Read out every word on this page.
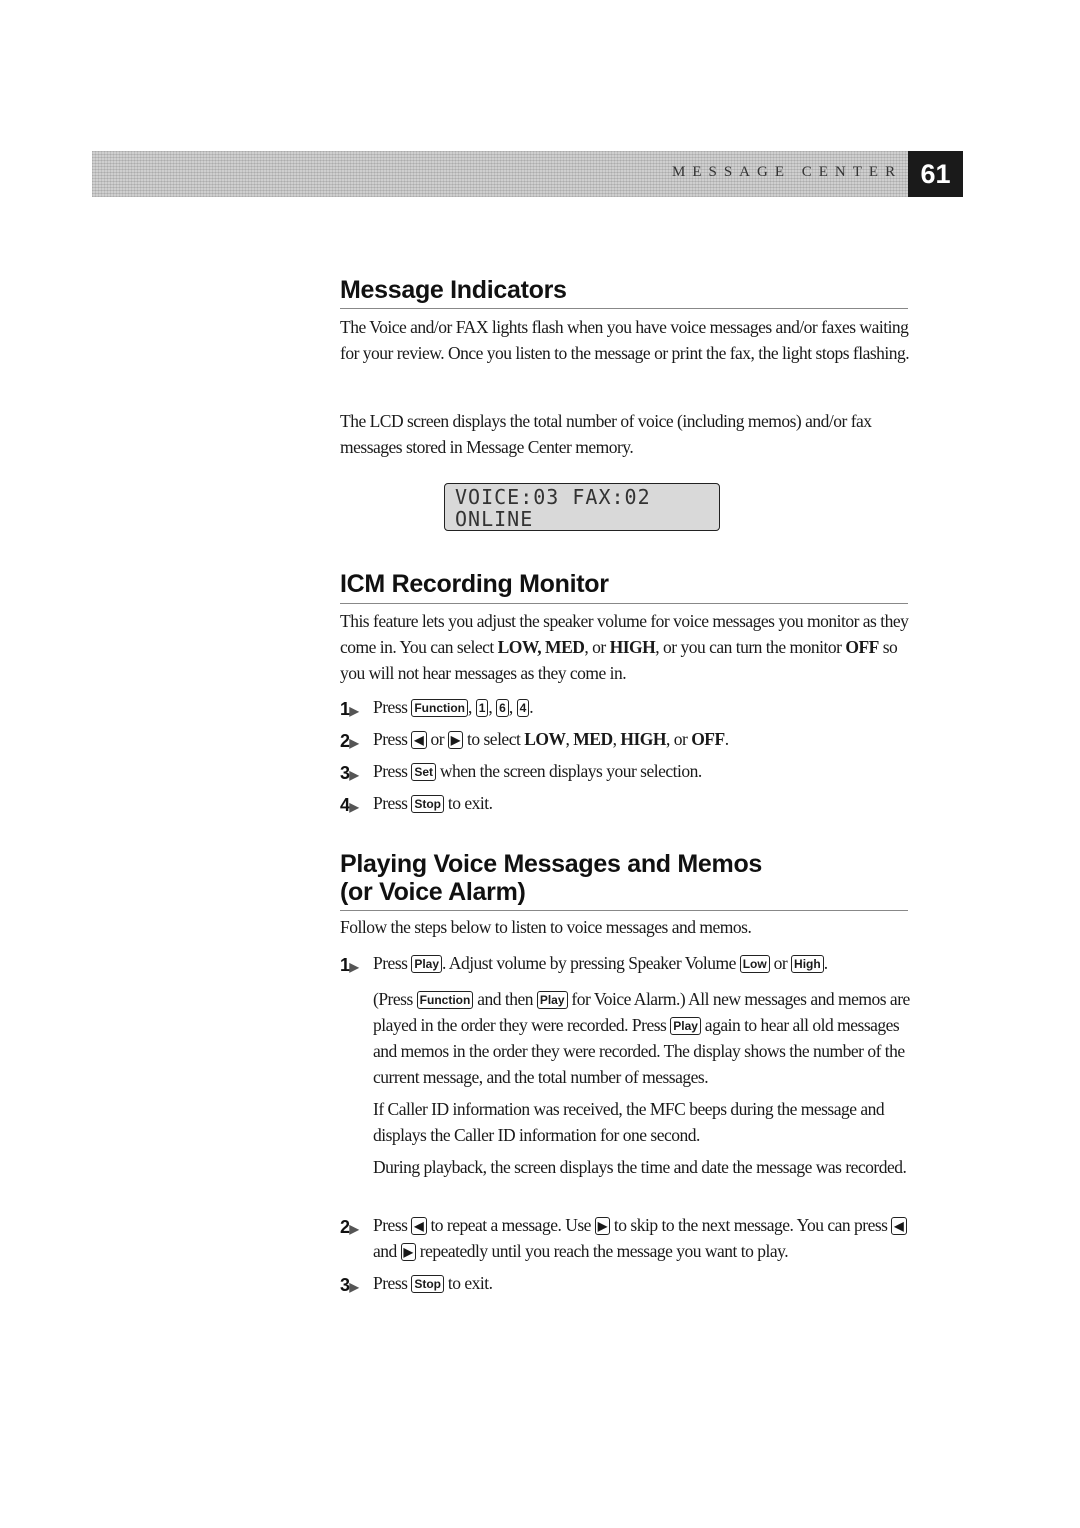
MESSAGE CENTER 61
Message Indicators

The Voice and/or FAX lights flash when you have voice messages and/or faxes waiting for your review. Once you listen to the message or print the fax, the light stops flashing.

The LCD screen displays the total number of voice (including memos) and/or fax messages stored in Message Center memory.

VOICE:03 FAX:02
ONLINE
ICM Recording Monitor

This feature lets you adjust the speaker volume for voice messages you monitor as they come in. You can select LOW, MED, or HIGH, or you can turn the monitor OFF so you will not hear messages as they come in.

1▶ Press Function , 1 , 6 , 4 .
2▶ Press ◀ or ▶ to select LOW, MED, HIGH, or OFF.
3▶ Press Set when the screen displays your selection.
4▶ Press Stop to exit.
Playing Voice Messages and Memos
(or Voice Alarm)

Follow the steps below to listen to voice messages and memos.

1▶ Press Play . Adjust volume by pressing Speaker Volume Low or High .

(Press Function and then Play for Voice Alarm.) All new messages and memos are played in the order they were recorded. Press Play again to hear all old messages and memos in the order they were recorded. The display shows the number of the current message, and the total number of messages.

If Caller ID information was received, the MFC beeps during the message and displays the Caller ID information for one second.

During playback, the screen displays the time and date the message was recorded.

2▶ Press ◀ to repeat a message. Use ▶ to skip to the next message. You can press ◀ and ▶ repeatedly until you reach the message you want to play.
3▶ Press Stop to exit.
